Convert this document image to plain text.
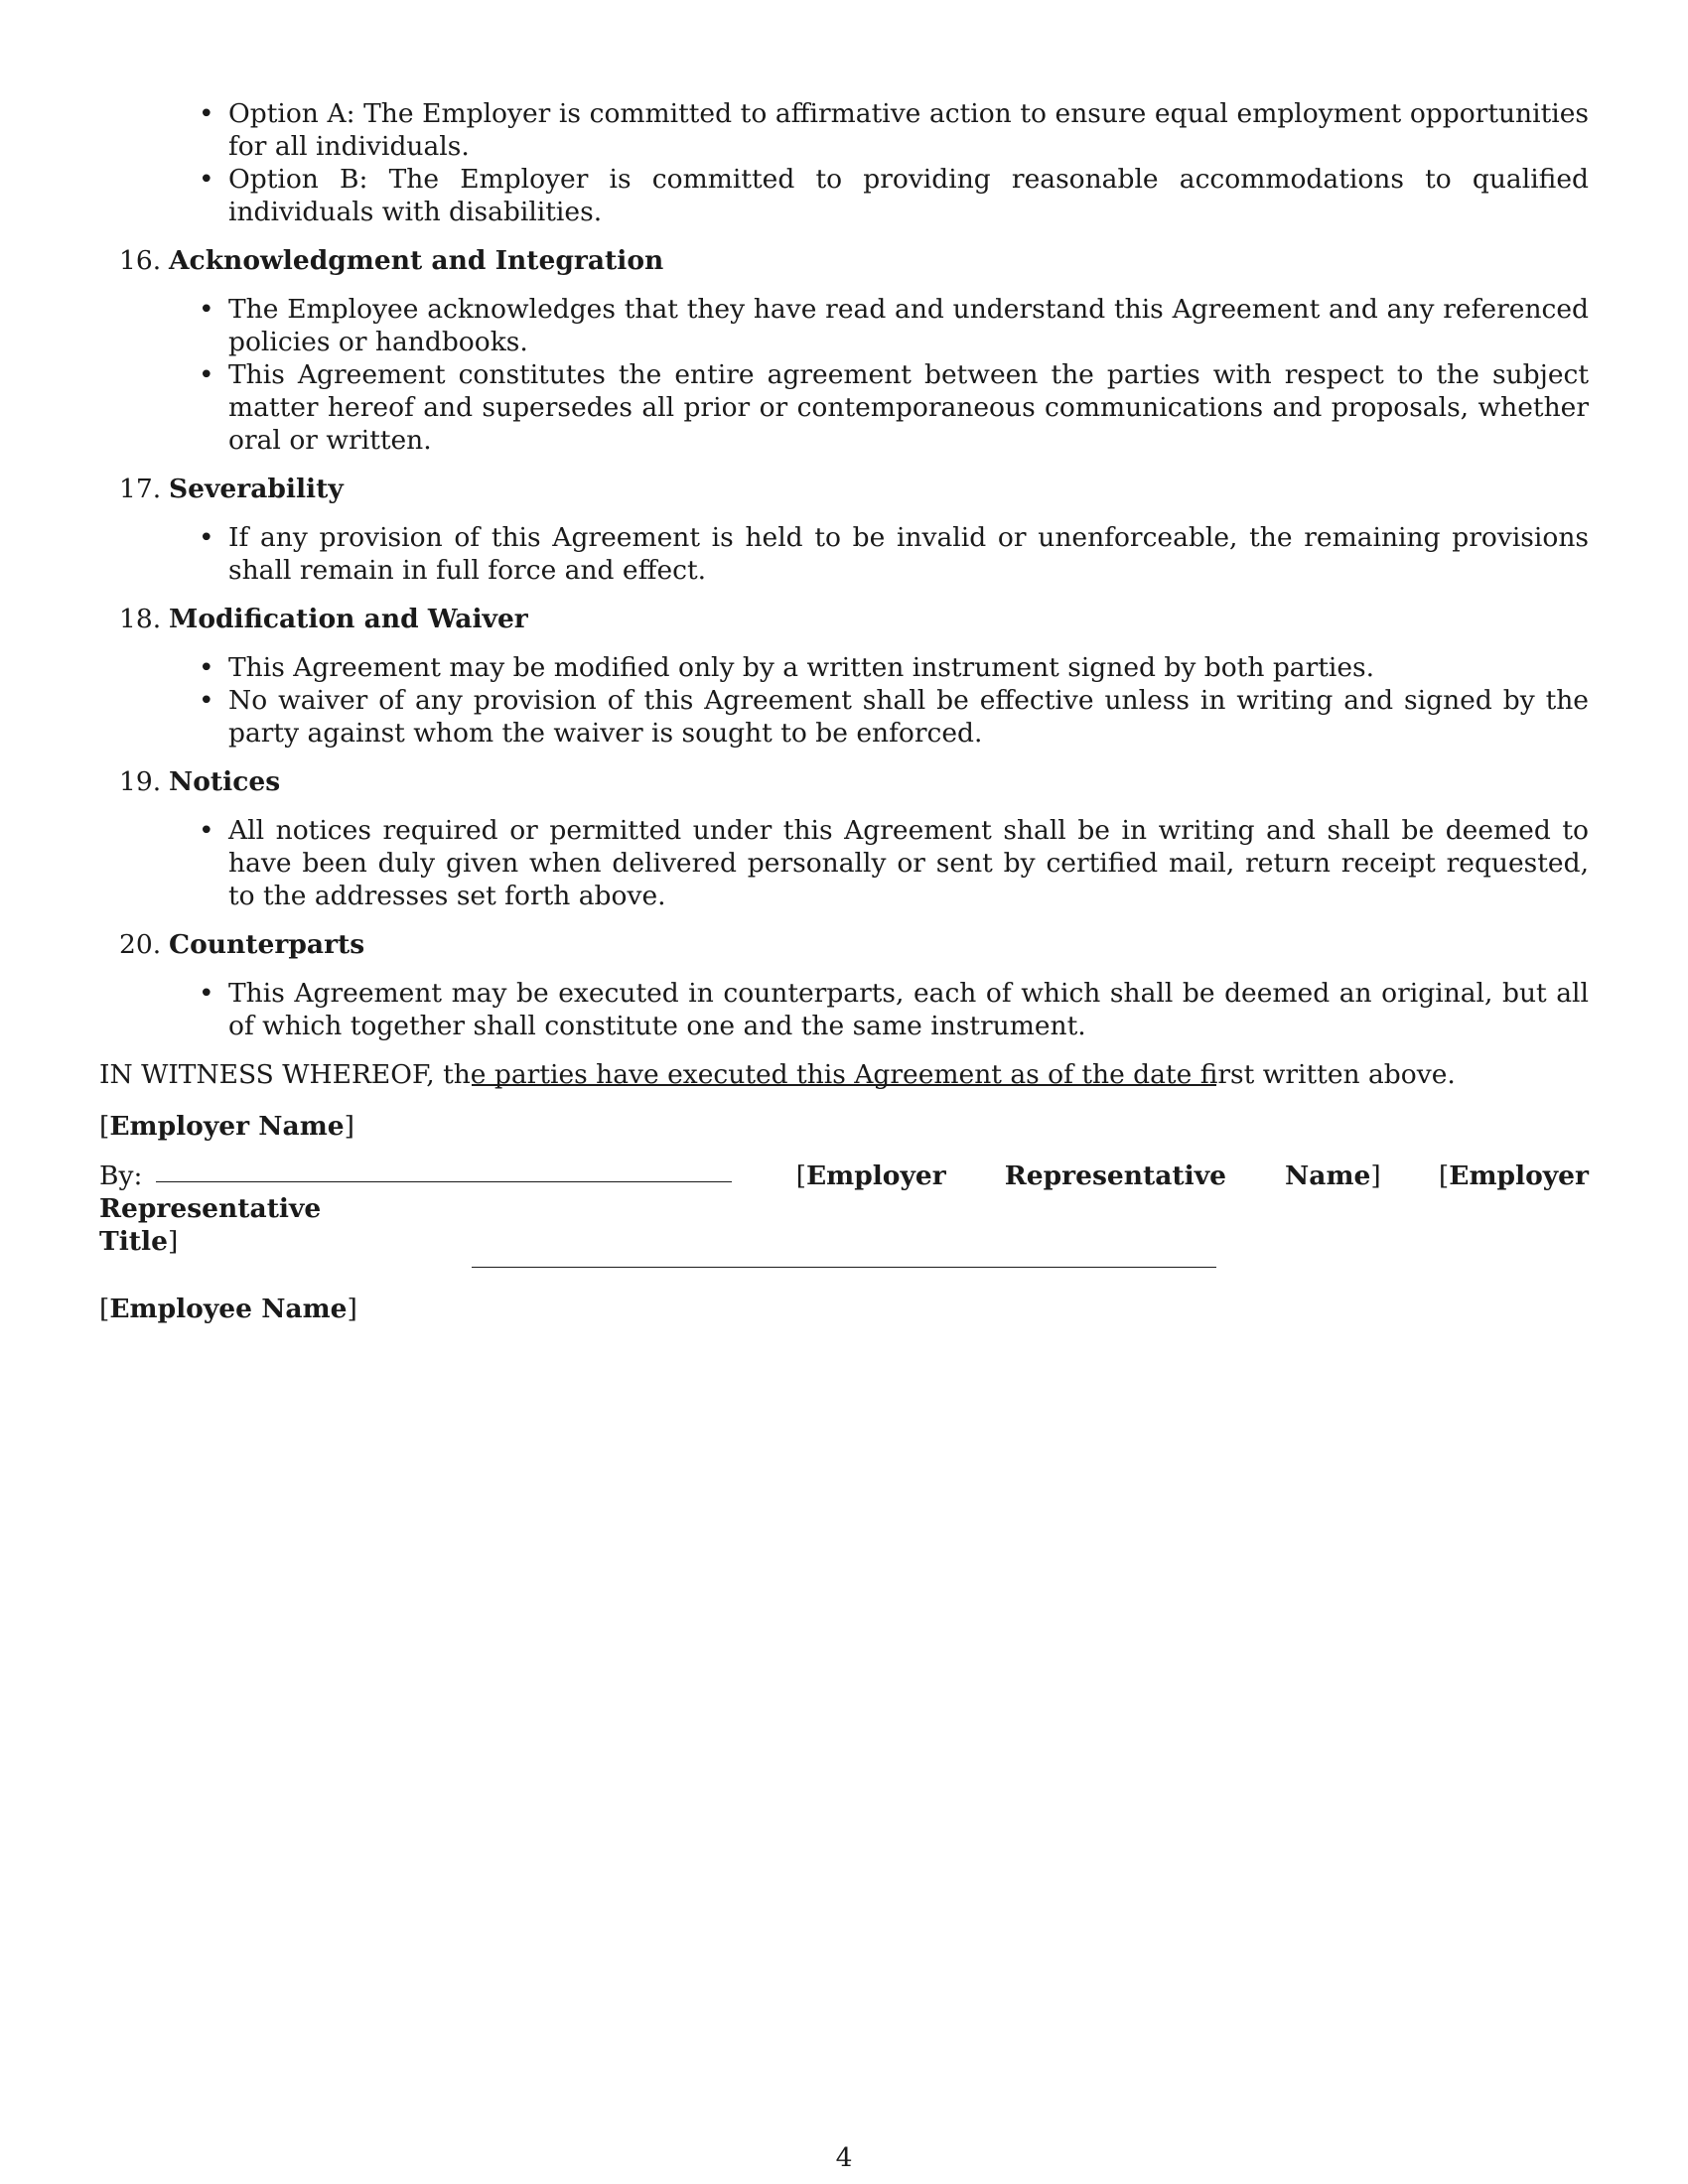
• Option A: The Employer is committed to affirmative action to ensure equal employment opportunities for all individuals.
• Option B: The Employer is committed to providing reasonable accommodations to qualified individuals with disabilities.
16. Acknowledgment and Integration
• The Employee acknowledges that they have read and understand this Agreement and any referenced policies or handbooks.
• This Agreement constitutes the entire agreement between the parties with respect to the subject matter hereof and supersedes all prior or contemporaneous communications and proposals, whether oral or written.
17. Severability
• If any provision of this Agreement is held to be invalid or unenforceable, the remaining provisions shall remain in full force and effect.
18. Modification and Waiver
• This Agreement may be modified only by a written instrument signed by both parties.
• No waiver of any provision of this Agreement shall be effective unless in writing and signed by the party against whom the waiver is sought to be enforced.
19. Notices
• All notices required or permitted under this Agreement shall be in writing and shall be deemed to have been duly given when delivered personally or sent by certified mail, return receipt requested, to the addresses set forth above.
20. Counterparts
• This Agreement may be executed in counterparts, each of which shall be deemed an original, but all of which together shall constitute one and the same instrument.
IN WITNESS WHEREOF, the parties have executed this Agreement as of the date first written above.
[Employer Name]
By:	[Employer Representative Name] [Employer Representative
Title]
[Employee Name]
4
